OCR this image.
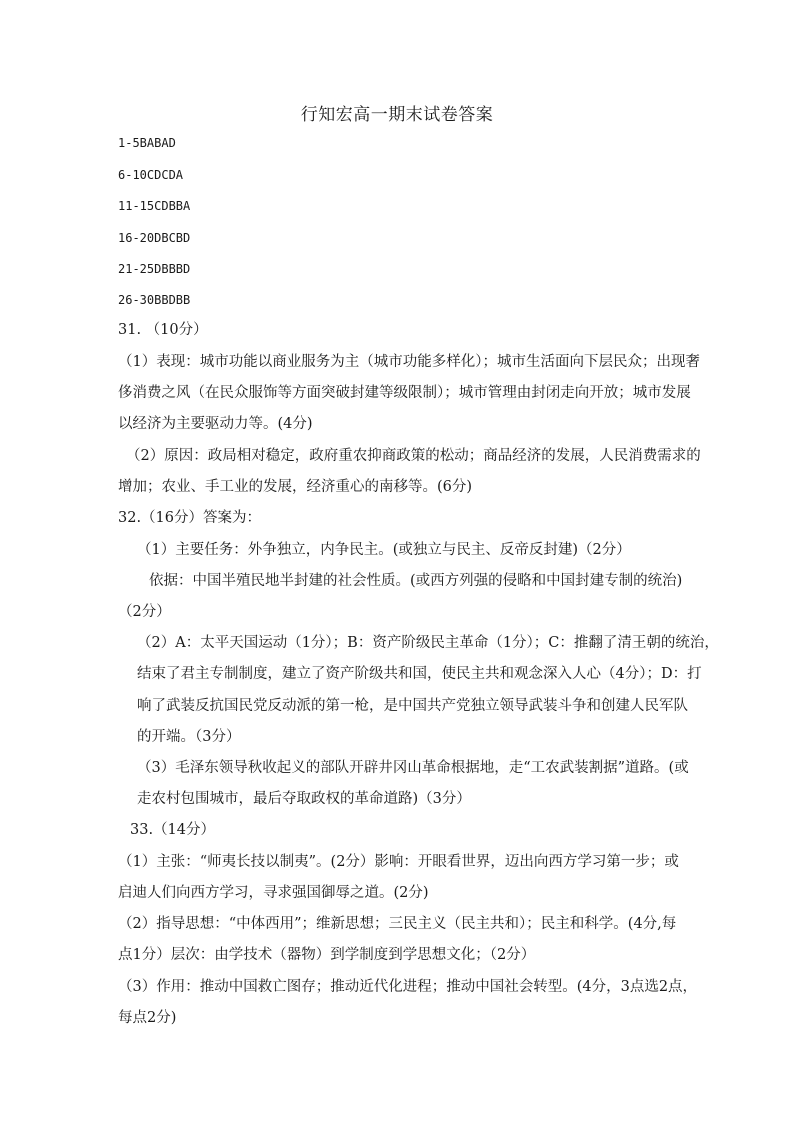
行知宏高一期末试卷答案
1-5BABAD
6-10CDCDA
11-15CDBBA
16-20DBCBD
21-25DBBBD
26-30BBDBB
31. （10分）
（1）表现：城市功能以商业服务为主（城市功能多样化）；城市生活面向下层民众；出现奢
侈消费之风（在民众服饰等方面突破封建等级限制）；城市管理由封闭走向开放；城市发展
以经济为主要驱动力等。(4分)
（2）原因：政局相对稳定，政府重农抑商政策的松动；商品经济的发展，人民消费需求的
增加；农业、手工业的发展，经济重心的南移等。(6分)
32.（16分）答案为：
（1）主要任务：外争独立，内争民主。(或独立与民主、反帝反封建)（2分）
依据：中国半殖民地半封建的社会性质。(或西方列强的侵略和中国封建专制的统治)
（2分）
（2）A：太平天国运动（1分）；B：资产阶级民主革命（1分）；C：推翻了清王朝的统治，
结束了君主专制制度，建立了资产阶级共和国，使民主共和观念深入人心（4分）；D：打
响了武装反抗国民党反动派的第一枪，是中国共产党独立领导武装斗争和创建人民军队
的开端。（3分）
（3）毛泽东领导秋收起义的部队开辟井冈山革命根据地，走“工农武装割据”道路。(或
走农村包围城市，最后夺取政权的革命道路)（3分）
33.（14分）
（1）主张：“师夷长技以制夷”。(2分）影响：开眼看世界，迈出向西方学习第一步；或
启迪人们向西方学习，寻求强国御辱之道。(2分)
（2）指导思想：“中体西用”；维新思想；三民主义（民主共和）；民主和科学。(4分,每
点1分）层次：由学技术（器物）到学制度到学思想文化；（2分）
（3）作用：推动中国救亡图存；推动近代化进程；推动中国社会转型。(4分，3点选2点，
每点2分)
